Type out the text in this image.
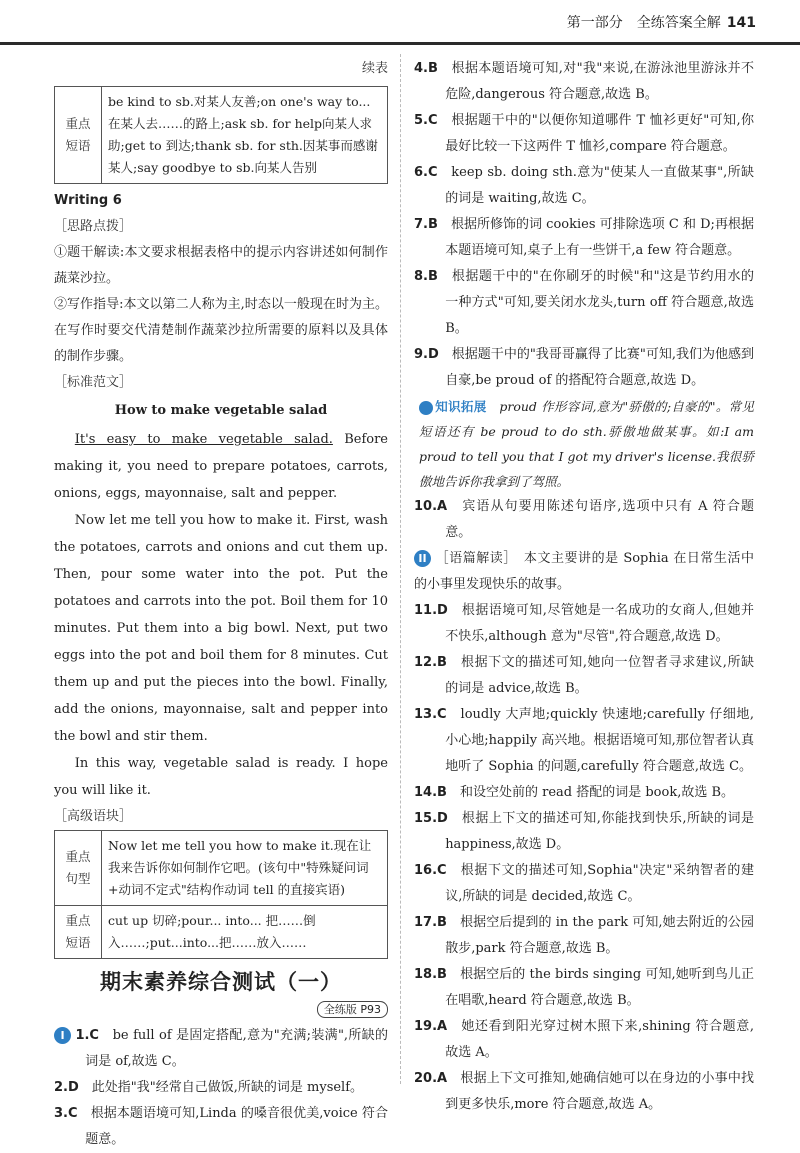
第一部分　全练答案全解 141
续表
重点短语	be kind to sb.对某人友善;on one's way to... 在某人去……的路上;ask sb. for help向某人求助;get to 到达;thank sb. for sth.因某事而感谢某人;say goodbye to sb.向某人告别
Writing 6
［思路点拨］

①题干解读:本文要求根据表格中的提示内容讲述如何制作蔬菜沙拉。

②写作指导:本文以第二人称为主,时态以一般现在时为主。在写作时要交代清楚制作蔬菜沙拉所需要的原料以及具体的制作步骤。

［标准范文］
How to make vegetable salad

It's easy to make vegetable salad. Before making it, you need to prepare potatoes, carrots, onions, eggs, mayonnaise, salt and pepper.

Now let me tell you how to make it. First, wash the potatoes, carrots and onions and cut them up. Then, pour some water into the pot. Put the potatoes and carrots into the pot. Boil them for 10 minutes. Put them into a big bowl. Next, put two eggs into the pot and boil them for 8 minutes. Cut them up and put the pieces into the bowl. Finally, add the onions, mayonnaise, salt and pepper into the bowl and stir them.

In this way, vegetable salad is ready. I hope you will like it.

［高级语块］
重点句型	Now let me tell you how to make it.现在让我来告诉你如何制作它吧。(该句中"特殊疑问词+动词不定式"结构作动词 tell 的直接宾语)
重点短语	cut up 切碎;pour... into... 把……倒入……;put...into...把……放入……
期末素养综合测试（一）
全练版 P93

I 1.C　 be full of 是固定搭配,意为"充满;装满",所缺的词是 of,故选 C。

2.D　 此处指"我"经常自己做饭,所缺的词是 myself。

3.C　 根据本题语境可知,Linda 的嗓音很优美,voice 符合题意。

4.B　 根据本题语境可知,对"我"来说,在游泳池里游泳并不危险,dangerous 符合题意,故选 B。

5.C　 根据题干中的"以便你知道哪件 T 恤衫更好"可知,你最好比较一下这两件 T 恤衫,compare 符合题意。

6.C　 keep sb. doing sth.意为"使某人一直做某事",所缺的词是 waiting,故选 C。

7.B　 根据所修饰的词 cookies 可排除选项 C 和 D;再根据本题语境可知,桌子上有一些饼干,a few 符合题意。

8.B　 根据题干中的"在你刷牙的时候"和"这是节约用水的一种方式"可知,要关闭水龙头,turn off 符合题意,故选 B。

9.D　 根据题干中的"我哥哥赢得了比赛"可知,我们为他感到自豪,be proud of 的搭配符合题意,故选 D。

知识拓展　 proud 作形容词,意为"骄傲的;自豪的"。常见短语还有 be proud to do sth.骄傲地做某事。如:I am proud to tell you that I got my driver's license.我很骄傲地告诉你我拿到了驾照。

10.A　 宾语从句要用陈述句语序,选项中只有 A 符合题意。

II ［语篇解读］　 本文主要讲的是 Sophia 在日常生活中的小事里发现快乐的故事。

11.D　 根据语境可知,尽管她是一名成功的女商人,但她并不快乐,although 意为"尽管",符合题意,故选 D。

12.B　 根据下文的描述可知,她向一位智者寻求建议,所缺的词是 advice,故选 B。

13.C　 loudly 大声地;quickly 快速地;carefully 仔细地,小心地;happily 高兴地。根据语境可知,那位智者认真地听了 Sophia 的问题,carefully 符合题意,故选 C。

14.B　 和设空处前的 read 搭配的词是 book,故选 B。

15.D　 根据上下文的描述可知,你能找到快乐,所缺的词是 happiness,故选 D。

16.C　 根据下文的描述可知,Sophia"决定"采纳智者的建议,所缺的词是 decided,故选 C。

17.B　 根据空后提到的 in the park 可知,她去附近的公园散步,park 符合题意,故选 B。

18.B　 根据空后的 the birds singing 可知,她听到鸟儿正在唱歌,heard 符合题意,故选 B。

19.A　 她还看到阳光穿过树木照下来,shining 符合题意,故选 A。

20.A　 根据上下文可推知,她确信她可以在身边的小事中找到更多快乐,more 符合题意,故选 A。
